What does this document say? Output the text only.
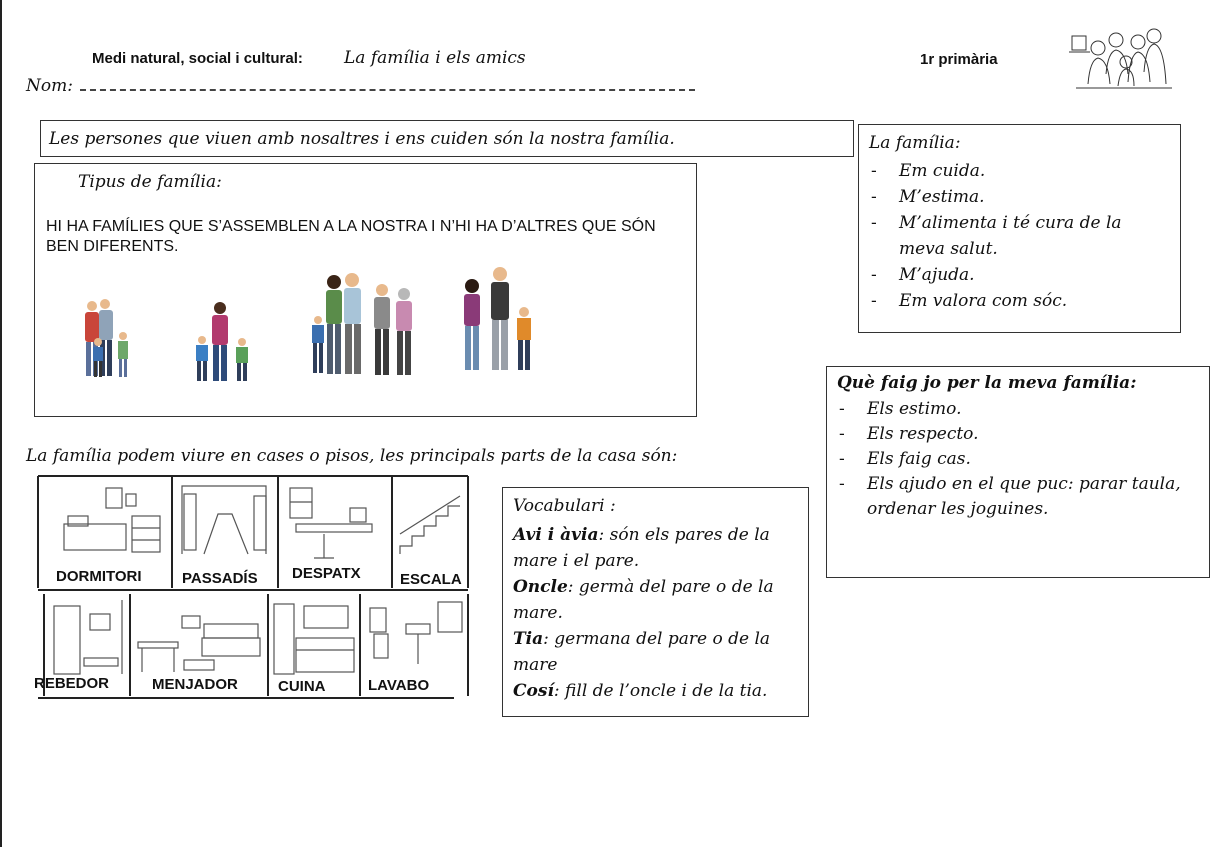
Medi natural, social i cultural: La família i els amics	1r primària
Nom:
Les persones que viuen amb nosaltres i ens cuiden són la nostra família.
Tipus de família:
HI HA FAMÍLIES QUE S’ASSEMBLEN A LA NOSTRA I N’HI HA D’ALTRES QUE SÓN BEN DIFERENTS.
La família:
- Em cuida.
- M’estima.
- M’alimenta i té cura de la meva salut.
- M’ajuda.
- Em valora com sóc.
Què faig jo per la meva família:
- Els estimo.
- Els respecto.
- Els faig cas.
- Els ajudo en el que puc: parar taula, ordenar les joguines.
La família podem viure en cases o pisos, les principals parts de la casa són:
DORMITORI	PASSADÍS DESPATX	ESCALA
REBEDOR	MENJADOR	CUINA	LAVABO
Vocabulari :
Avi i àvia: són els pares de la mare i el pare.
Oncle: germà del pare o de la mare.
Tia: germana del pare o de la mare
Cosí: fill de l’oncle i de la tia.
